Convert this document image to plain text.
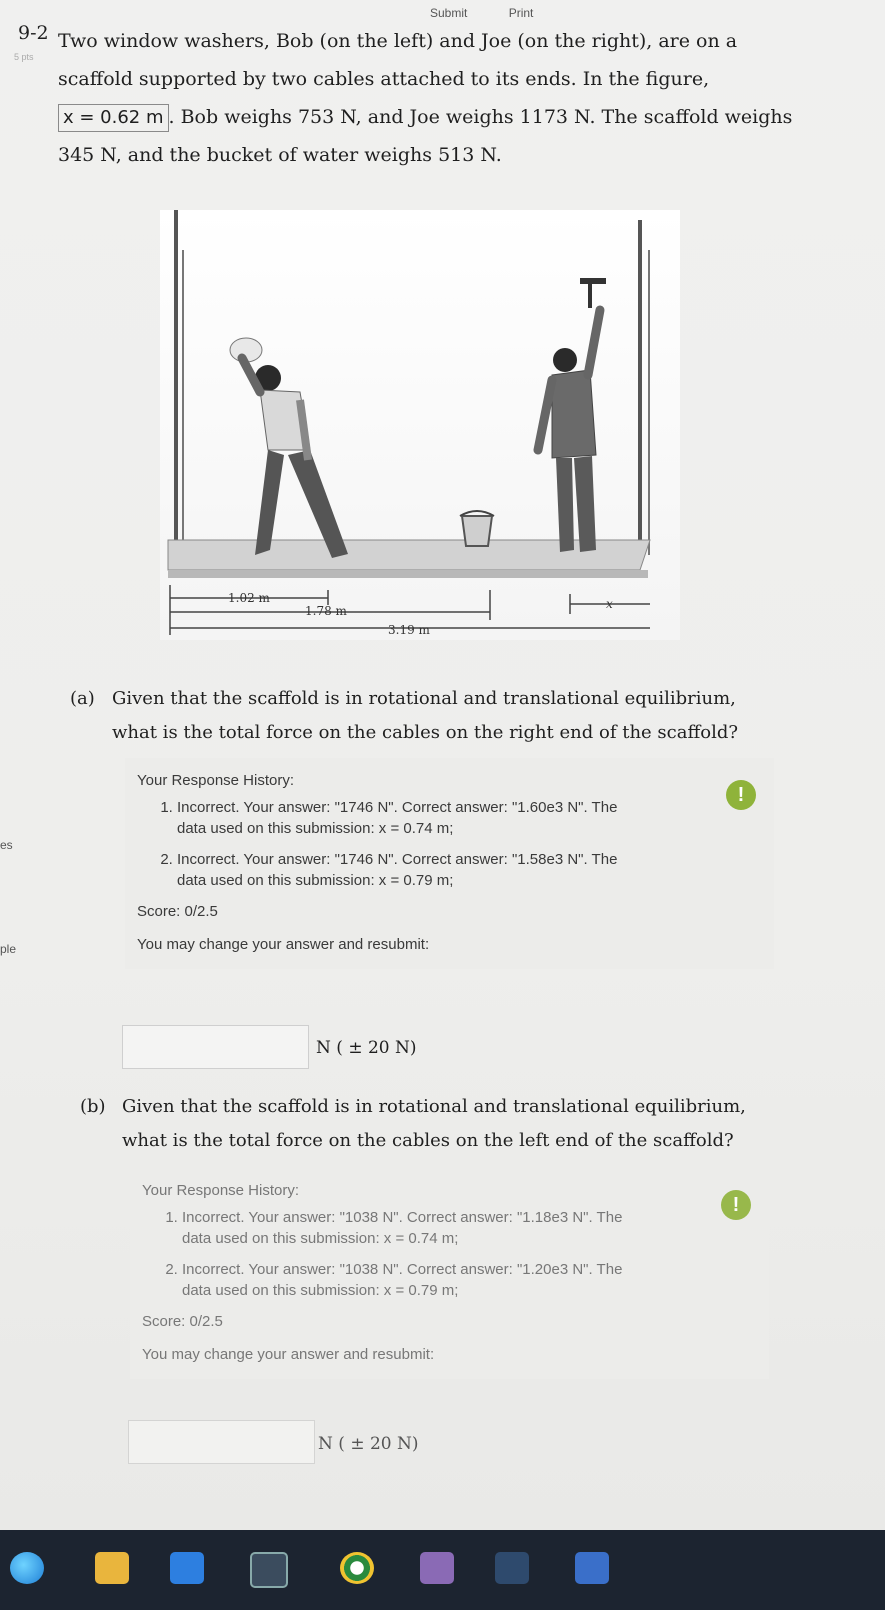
Submit	Print
9-2
5 pts
Two window washers, Bob (on the left) and Joe (on the right), are on a
scaffold supported by two cables attached to its ends. In the figure,
x = 0.62 m . Bob weighs 753 N, and Joe weighs 1173 N. The scaffold weighs
345 N, and the bucket of water weighs 513 N.
1.02 m
1.78 m
3.19 m
x
(a) Given that the scaffold is in rotational and translational equilibrium,
what is the total force on the cables on the right end of the scaffold?
Your Response History:
!
1. Incorrect. Your answer: "1746 N". Correct answer: "1.60e3 N". The
data used on this submission: x = 0.74 m;
2. Incorrect. Your answer: "1746 N". Correct answer: "1.58e3 N". The
data used on this submission: x = 0.79 m;
Score: 0/2.5
You may change your answer and resubmit:
N ( ± 20 N)
(b) Given that the scaffold is in rotational and translational equilibrium,
what is the total force on the cables on the left end of the scaffold?
Your Response History:
!
1. Incorrect. Your answer: "1038 N". Correct answer: "1.18e3 N". The
data used on this submission: x = 0.74 m;
2. Incorrect. Your answer: "1038 N". Correct answer: "1.20e3 N". The
data used on this submission: x = 0.79 m;
Score: 0/2.5
You may change your answer and resubmit:
N ( ± 20 N)
es
ple
